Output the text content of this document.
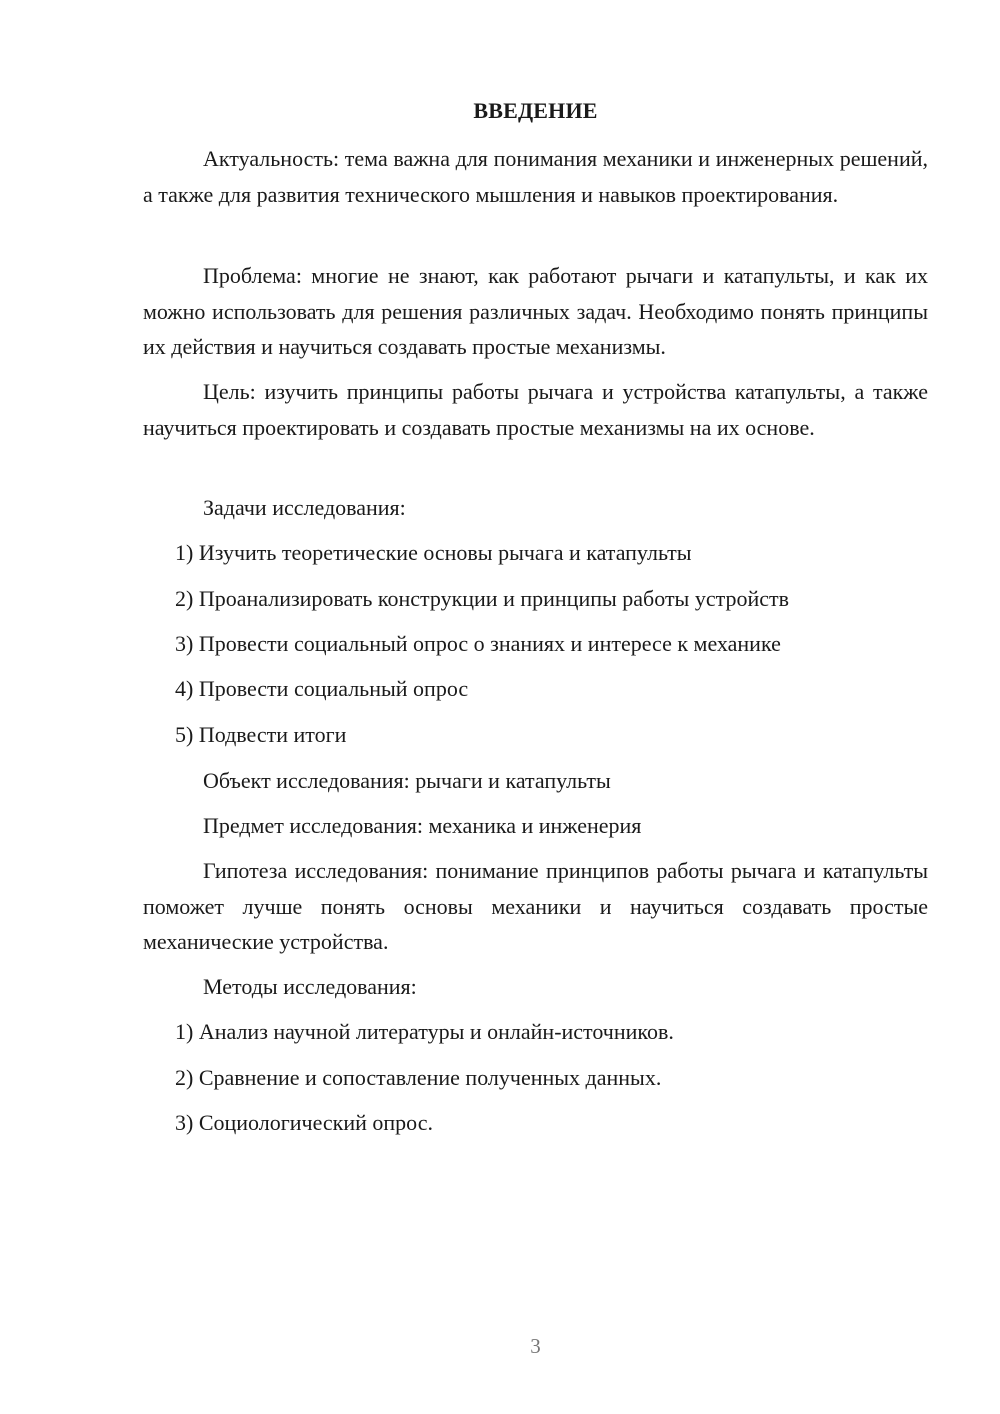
ВВЕДЕНИЕ

Актуальность: тема важна для понимания механики и инженерных решений, а также для развития технического мышления и навыков проектирования.

Проблема: многие не знают, как работают рычаги и катапульты, и как их можно использовать для решения различных задач. Необходимо понять принципы их действия и научиться создавать простые механизмы.

Цель: изучить принципы работы рычага и устройства катапульты, а также научиться проектировать и создавать простые механизмы на их основе.

Задачи исследования:
1) Изучить теоретические основы рычага и катапульты
2) Проанализировать конструкции и принципы работы устройств
3) Провести социальный опрос о знаниях и интересе к механике
4) Провести социальный опрос
5) Подвести итоги
Объект исследования: рычаги и катапульты
Предмет исследования: механика и инженерия

Гипотеза исследования: понимание принципов работы рычага и катапульты поможет лучше понять основы механики и научиться создавать простые механические устройства.

Методы исследования:
1) Анализ научной литературы и онлайн-источников.
2) Сравнение и сопоставление полученных данных.
3) Социологический опрос.
3
